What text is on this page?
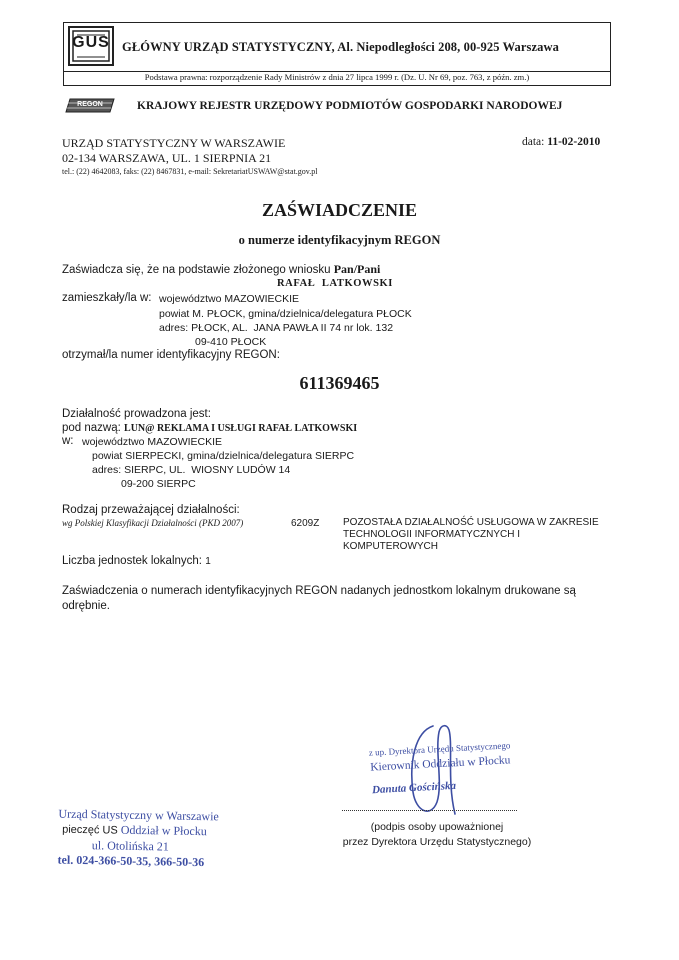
GUS GŁÓWNY URZĄD STATYSTYCZNY, Al. Niepodległości 208, 00-925 Warszawa
Podstawa prawna: rozporządzenie Rady Ministrów z dnia 27 lipca 1999 r. (Dz. U. Nr 69, poz. 763, z późn. zm.)
REGON	KRAJOWY REJESTR URZĘDOWY PODMIOTÓW GOSPODARKI NARODOWEJ
URZĄD STATYSTYCZNY W WARSZAWIE
02-134 WARSZAWA, UL. 1 SIERPNIA 21
tel.: (22) 4642083, faks: (22) 8467831, e-mail: SekretariatUSWAW@stat.gov.pl
data: 11-02-2010
ZAŚWIADCZENIE
o numerze identyfikacyjnym REGON
Zaświadcza się, że na podstawie złożonego wniosku Pan/Pani
RAFAŁ  LATKOWSKI
zamieszkały/la w: województwo MAZOWIECKIE
powiat M. PŁOCK, gmina/dzielnica/delegatura PŁOCK
adres: PŁOCK, AL.  JANA PAWŁA II 74 nr lok. 132
09-410 PŁOCK
otrzymał/la numer identyfikacyjny REGON:
611369465
Działalność prowadzona jest:
pod nazwą: LUN@ REKLAMA I USŁUGI RAFAŁ LATKOWSKI
w: województwo MAZOWIECKIE
powiat SIERPECKI, gmina/dzielnica/delegatura SIERPC
adres: SIERPC, UL.  WIOSNY LUDÓW 14
09-200 SIERPC
Rodzaj przeważającej działalności:
wg Polskiej Klasyfikacji Działalności (PKD 2007)	6209Z POZOSTAŁA DZIAŁALNOŚĆ USŁUGOWA W ZAKRESIE
TECHNOLOGII INFORMATYCZNYCH I
KOMPUTEROWYCH
Liczba jednostek lokalnych: 1
Zaświadczenia o numerach identyfikacyjnych REGON nadanych jednostkom lokalnym drukowane są odrębnie.
z up. Dyrektora Urzędu Statystycznego
Kierownik Oddziału w Płocku
Danuta Gościńska
(podpis osoby upoważnionej
przez Dyrektora Urzędu Statystycznego)
Urząd Statystyczny w Warszawie
pieczęć US Oddział w Płocku
ul. Otolińska 21
tel. 024-366-50-35, 366-50-36
